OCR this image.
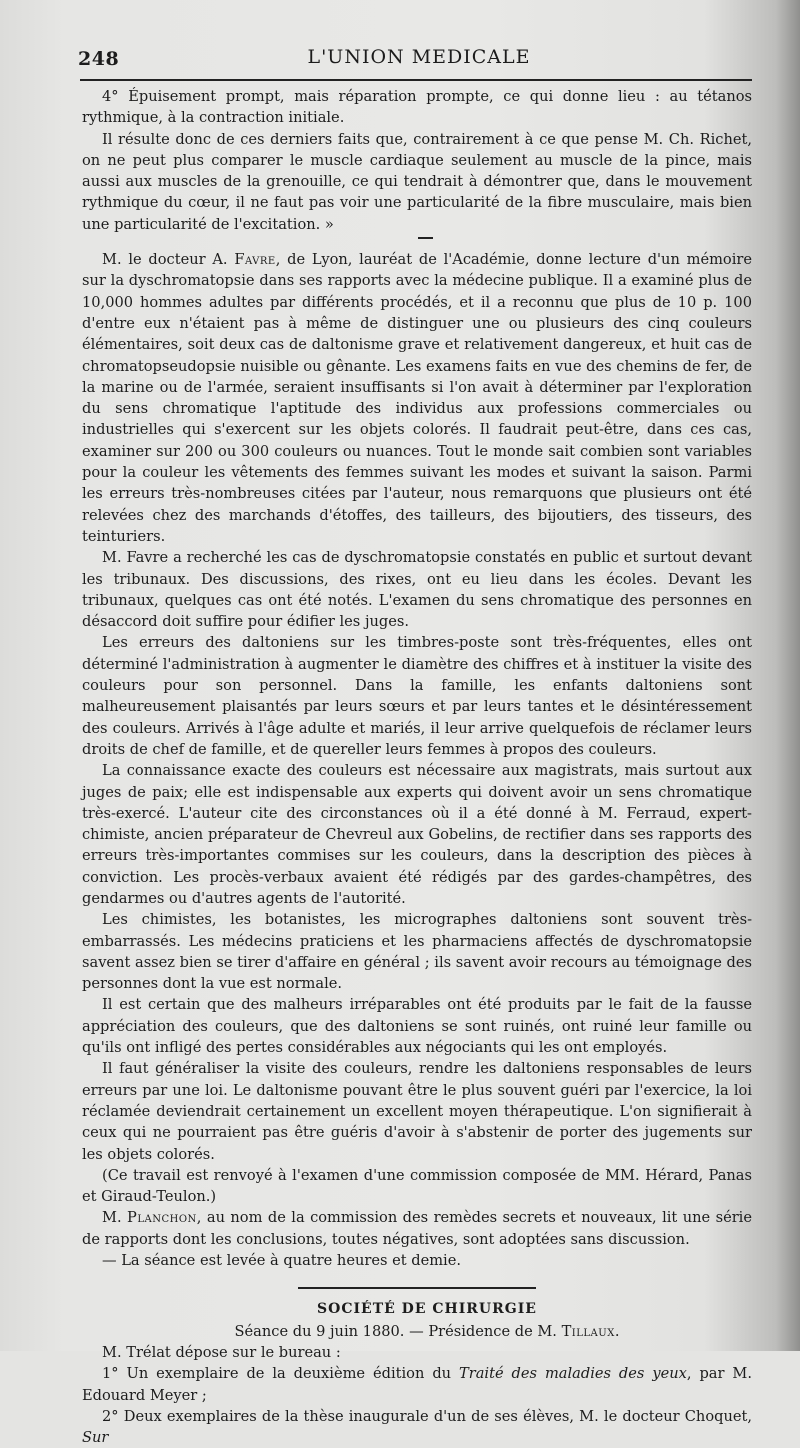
248	L'UNION MEDICALE

4° Épuisement prompt, mais réparation prompte, ce qui donne lieu : au tétanos rythmique, à la contraction initiale.

Il résulte donc de ces derniers faits que, contrairement à ce que pense M. Ch. Richet, on ne peut plus comparer le muscle cardiaque seulement au muscle de la pince, mais aussi aux muscles de la grenouille, ce qui tendrait à démontrer que, dans le mouvement rythmique du cœur, il ne faut pas voir une particularité de la fibre musculaire, mais bien une particularité de l'excitation. »

M. le docteur A. Favre, de Lyon, lauréat de l'Académie, donne lecture d'un mémoire sur la dyschromatopsie dans ses rapports avec la médecine publique. Il a examiné plus de 10,000 hommes adultes par différents procédés, et il a reconnu que plus de 10 p. 100 d'entre eux n'étaient pas à même de distinguer une ou plusieurs des cinq couleurs élémentaires, soit deux cas de daltonisme grave et relativement dangereux, et huit cas de chromatopseudopsie nuisible ou gênante. Les examens faits en vue des chemins de fer, de la marine ou de l'armée, seraient insuffisants si l'on avait à déterminer par l'exploration du sens chromatique l'aptitude des individus aux professions commerciales ou industrielles qui s'exercent sur les objets colorés. Il faudrait peut-être, dans ces cas, examiner sur 200 ou 300 couleurs ou nuances. Tout le monde sait combien sont variables pour la couleur les vêtements des femmes suivant les modes et suivant la saison. Parmi les erreurs très-nombreuses citées par l'auteur, nous remarquons que plusieurs ont été relevées chez des marchands d'étoffes, des tailleurs, des bijoutiers, des tisseurs, des teinturiers.

M. Favre a recherché les cas de dyschromatopsie constatés en public et surtout devant les tribunaux. Des discussions, des rixes, ont eu lieu dans les écoles. Devant les tribunaux, quelques cas ont été notés. L'examen du sens chromatique des personnes en désaccord doit suffire pour édifier les juges.

Les erreurs des daltoniens sur les timbres-poste sont très-fréquentes, elles ont déterminé l'administration à augmenter le diamètre des chiffres et à instituer la visite des couleurs pour son personnel. Dans la famille, les enfants daltoniens sont malheureusement plaisantés par leurs sœurs et par leurs tantes et le désintéressement des couleurs. Arrivés à l'âge adulte et mariés, il leur arrive quelquefois de réclamer leurs droits de chef de famille, et de quereller leurs femmes à propos des couleurs.

La connaissance exacte des couleurs est nécessaire aux magistrats, mais surtout aux juges de paix; elle est indispensable aux experts qui doivent avoir un sens chromatique très-exercé. L'auteur cite des circonstances où il a été donné à M. Ferraud, expert-chimiste, ancien préparateur de Chevreul aux Gobelins, de rectifier dans ses rapports des erreurs très-importantes commises sur les couleurs, dans la description des pièces à conviction. Les procès-verbaux avaient été rédigés par des gardes-champêtres, des gendarmes ou d'autres agents de l'autorité.

Les chimistes, les botanistes, les micrographes daltoniens sont souvent très-embarrassés. Les médecins praticiens et les pharmaciens affectés de dyschromatopsie savent assez bien se tirer d'affaire en général ; ils savent avoir recours au témoignage des personnes dont la vue est normale.

Il est certain que des malheurs irréparables ont été produits par le fait de la fausse appréciation des couleurs, que des daltoniens se sont ruinés, ont ruiné leur famille ou qu'ils ont infligé des pertes considérables aux négociants qui les ont employés.

Il faut généraliser la visite des couleurs, rendre les daltoniens responsables de leurs erreurs par une loi. Le daltonisme pouvant être le plus souvent guéri par l'exercice, la loi réclamée deviendrait certainement un excellent moyen thérapeutique. L'on signifierait à ceux qui ne pourraient pas être guéris d'avoir à s'abstenir de porter des jugements sur les objets colorés.

(Ce travail est renvoyé à l'examen d'une commission composée de MM. Hérard, Panas et Giraud-Teulon.)

M. Planchon, au nom de la commission des remèdes secrets et nouveaux, lit une série de rapports dont les conclusions, toutes négatives, sont adoptées sans discussion.

— La séance est levée à quatre heures et demie.

SOCIÉTÉ DE CHIRURGIE

Séance du 9 juin 1880. — Présidence de M. Tillaux.

M. Trélat dépose sur le bureau :

1° Un exemplaire de la deuxième édition du Traité des maladies des yeux, par M. Edouard Meyer ;

2° Deux exemplaires de la thèse inaugurale d'un de ses élèves, M. le docteur Choquet, Sur
